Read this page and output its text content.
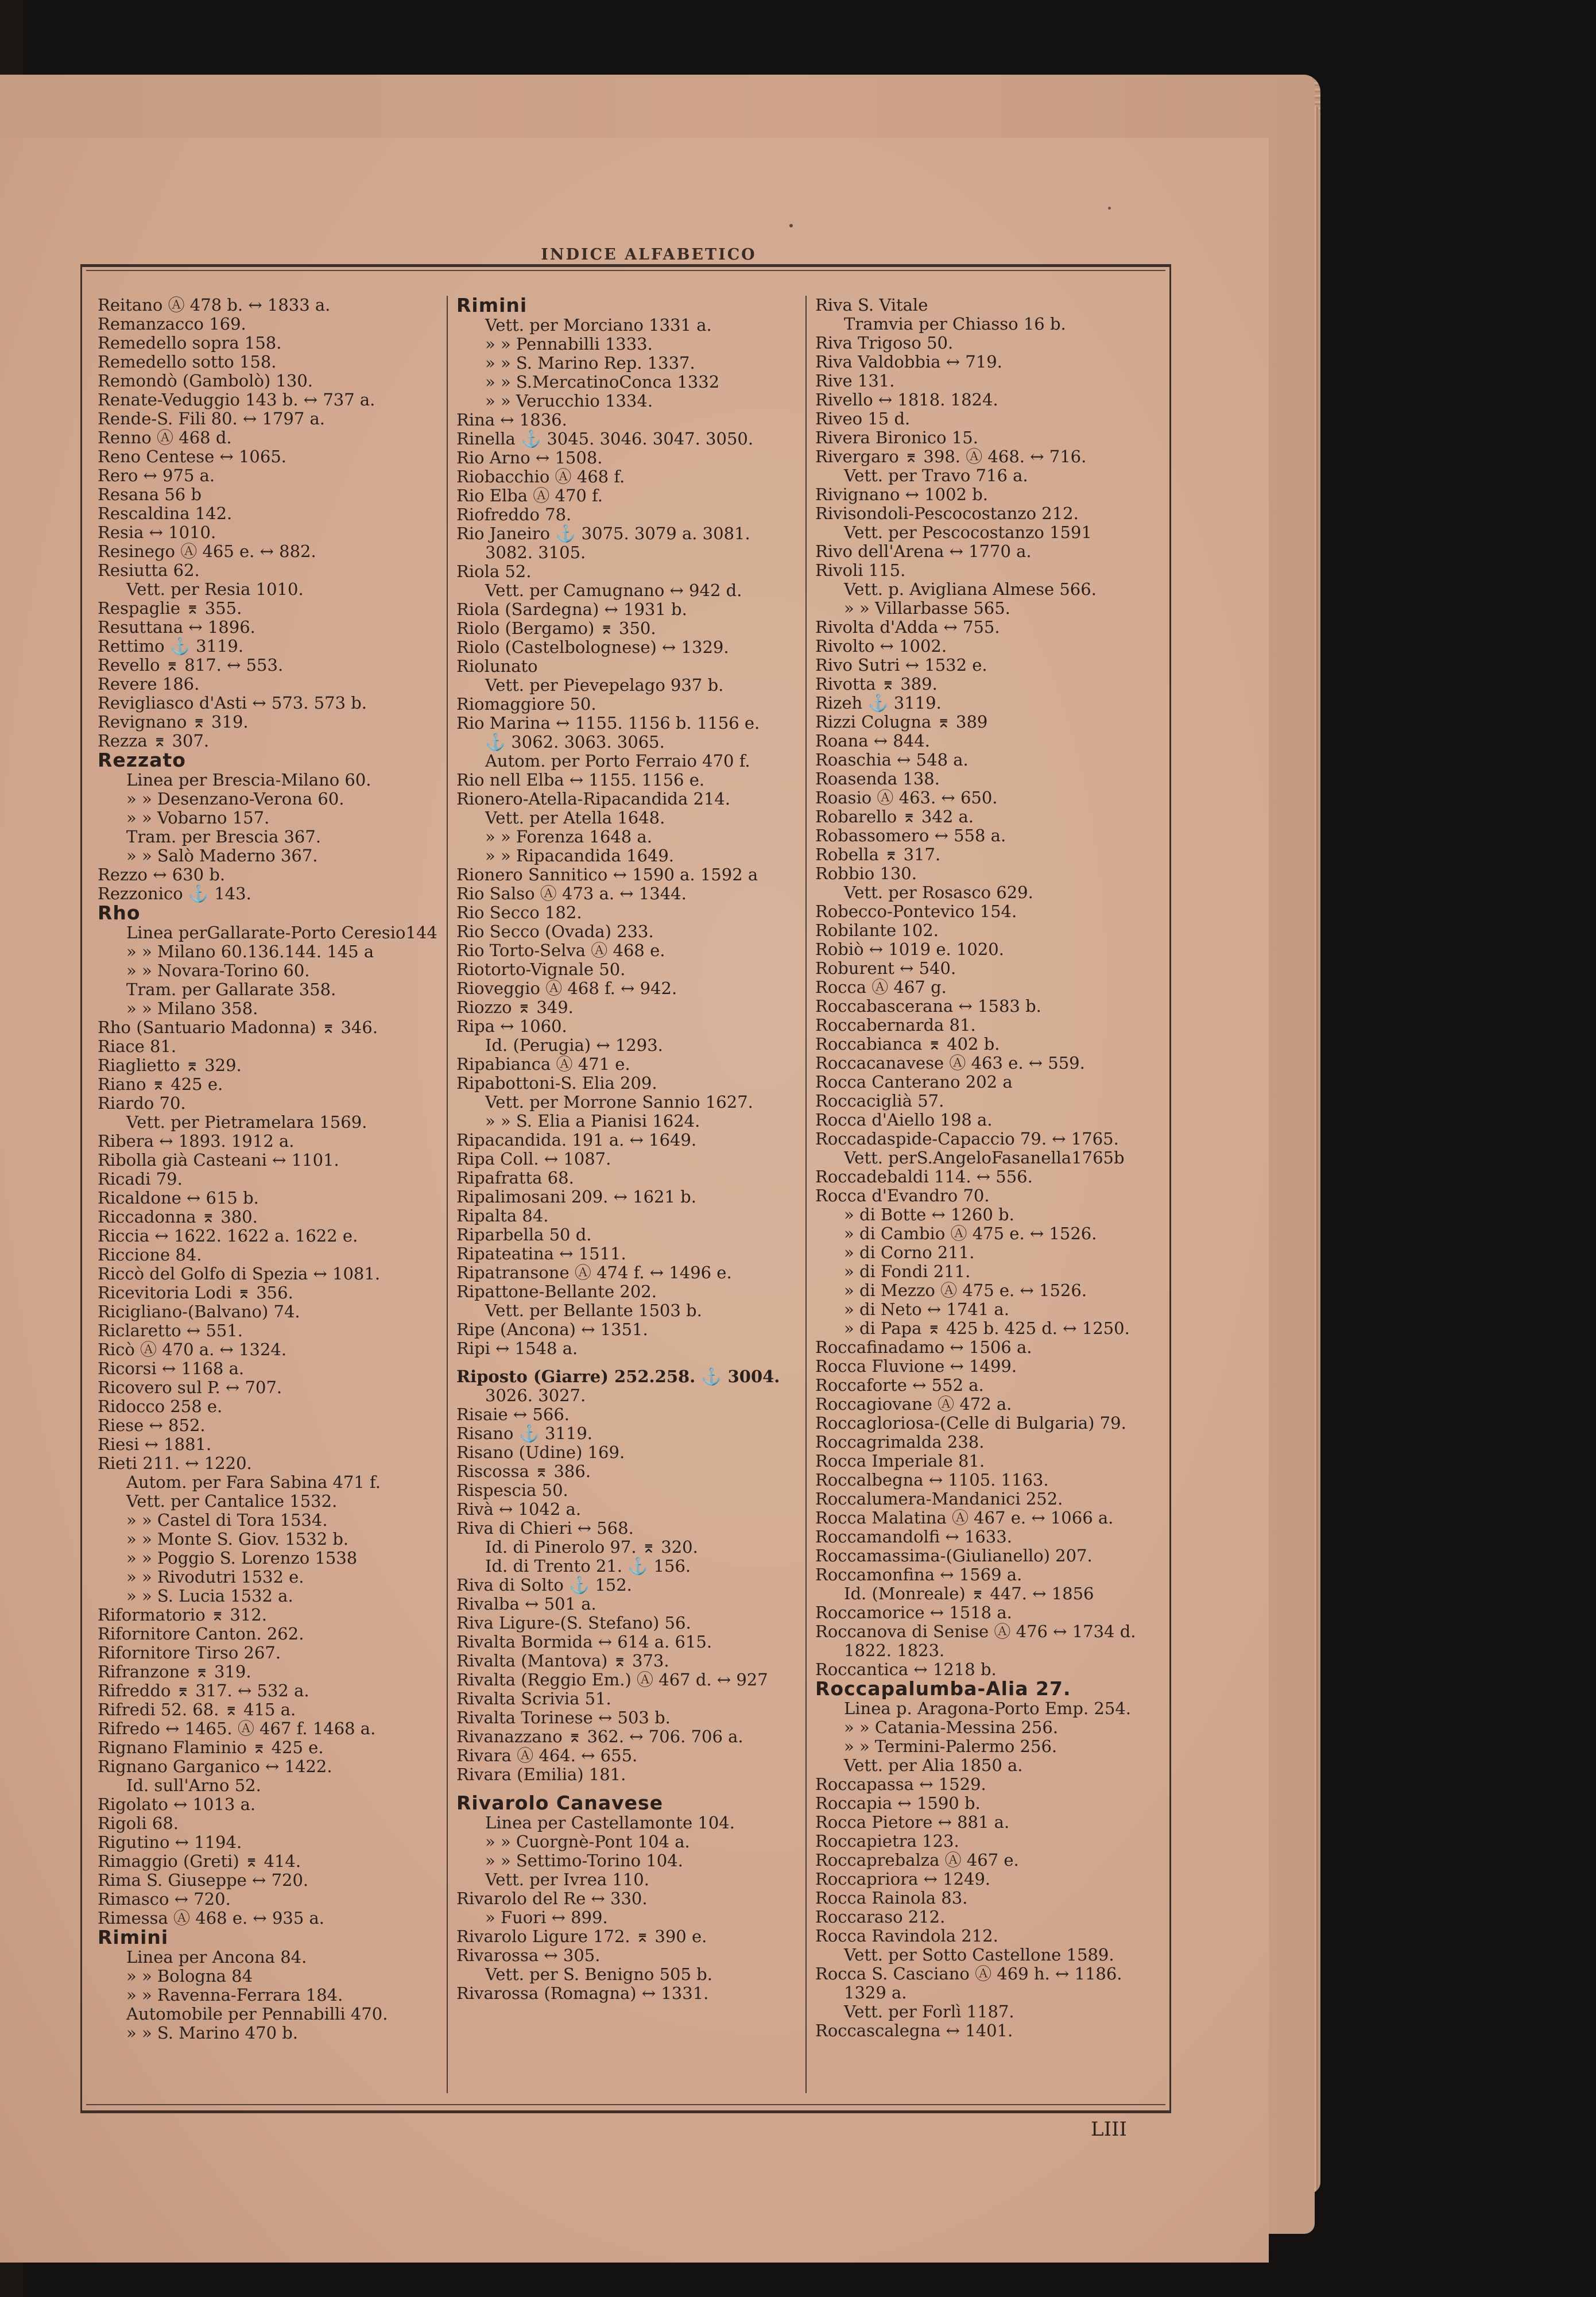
INDICE ALFABETICO
Reitano Ⓐ 478 b. ↔ 1833 a.
Remanzacco 169.
Remedello sopra 158.
Remedello sotto 158.
Remondò (Gambolò) 130.
Renate-Veduggio 143 b. ↔ 737 a.
Rende-S. Fili 80. ↔ 1797 a.
Renno Ⓐ 468 d.
Reno Centese ↔ 1065.
Rero ↔ 975 a.
Resana 56 b
Rescaldina 142.
Resia ↔ 1010.
Resinego Ⓐ 465 e. ↔ 882.
Resiutta 62.
Vett. per Resia 1010.
Respaglie ⌆ 355.
Resuttana ↔ 1896.
Rettimo ⚓ 3119.
Revello ⌆ 817. ↔ 553.
Revere 186.
Revigliasco d'Asti ↔ 573. 573 b.
Revignano ⌆ 319.
Rezza ⌆ 307.
Rezzato
Linea per Brescia-Milano 60.
» » Desenzano-Verona 60.
» » Vobarno 157.
Tram. per Brescia 367.
» » Salò Maderno 367.
Rezzo ↔ 630 b.
Rezzonico ⚓ 143.
Rho
Linea perGallarate-Porto Ceresio144
» » Milano 60.136.144. 145 a
» » Novara-Torino 60.
Tram. per Gallarate 358.
» » Milano 358.
Rho (Santuario Madonna) ⌆ 346.
Riace 81.
Riaglietto ⌆ 329.
Riano ⌆ 425 e.
Riardo 70.
Vett. per Pietramelara 1569.
Ribera ↔ 1893. 1912 a.
Ribolla già Casteani ↔ 1101.
Ricadi 79.
Ricaldone ↔ 615 b.
Riccadonna ⌆ 380.
Riccia ↔ 1622. 1622 a. 1622 e.
Riccione 84.
Riccò del Golfo di Spezia ↔ 1081.
Ricevitoria Lodi ⌆ 356.
Ricigliano-(Balvano) 74.
Riclaretto ↔ 551.
Ricò Ⓐ 470 a. ↔ 1324.
Ricorsi ↔ 1168 a.
Ricovero sul P. ↔ 707.
Ridocco 258 e.
Riese ↔ 852.
Riesi ↔ 1881.
Rieti 211. ↔ 1220.
Autom. per Fara Sabina 471 f.
Vett. per Cantalice 1532.
» » Castel di Tora 1534.
» » Monte S. Giov. 1532 b.
» » Poggio S. Lorenzo 1538
» » Rivodutri 1532 e.
» » S. Lucia 1532 a.
Riformatorio ⌆ 312.
Rifornitore Canton. 262.
Rifornitore Tirso 267.
Rifranzone ⌆ 319.
Rifreddo ⌆ 317. ↔ 532 a.
Rifredi 52. 68. ⌆ 415 a.
Rifredo ↔ 1465. Ⓐ 467 f. 1468 a.
Rignano Flaminio ⌆ 425 e.
Rignano Garganico ↔ 1422.
Id. sull'Arno 52.
Rigolato ↔ 1013 a.
Rigoli 68.
Rigutino ↔ 1194.
Rimaggio (Greti) ⌆ 414.
Rima S. Giuseppe ↔ 720.
Rimasco ↔ 720.
Rimessa Ⓐ 468 e. ↔ 935 a.
Rimini
Linea per Ancona 84.
» » Bologna 84
» » Ravenna-Ferrara 184.
Automobile per Pennabilli 470.
» » S. Marino 470 b.
Rimini
Vett. per Morciano 1331 a.
» » Pennabilli 1333.
» » S. Marino Rep. 1337.
» » S.MercatinoConca 1332
» » Verucchio 1334.
Rina ↔ 1836.
Rinella ⚓ 3045. 3046. 3047. 3050.
Rio Arno ↔ 1508.
Riobacchio Ⓐ 468 f.
Rio Elba Ⓐ 470 f.
Riofreddo 78.
Rio Janeiro ⚓ 3075. 3079 a. 3081.
3082. 3105.
Riola 52.
Vett. per Camugnano ↔ 942 d.
Riola (Sardegna) ↔ 1931 b.
Riolo (Bergamo) ⌆ 350.
Riolo (Castelbolognese) ↔ 1329.
Riolunato
Vett. per Pievepelago 937 b.
Riomaggiore 50.
Rio Marina ↔ 1155. 1156 b. 1156 e.
⚓ 3062. 3063. 3065.
Autom. per Porto Ferraio 470 f.
Rio nell Elba ↔ 1155. 1156 e.
Rionero-Atella-Ripacandida 214.
Vett. per Atella 1648.
» » Forenza 1648 a.
» » Ripacandida 1649.
Rionero Sannitico ↔ 1590 a. 1592 a
Rio Salso Ⓐ 473 a. ↔ 1344.
Rio Secco 182.
Rio Secco (Ovada) 233.
Rio Torto-Selva Ⓐ 468 e.
Riotorto-Vignale 50.
Rioveggio Ⓐ 468 f. ↔ 942.
Riozzo ⌆ 349.
Ripa ↔ 1060.
Id. (Perugia) ↔ 1293.
Ripabianca Ⓐ 471 e.
Ripabottoni-S. Elia 209.
Vett. per Morrone Sannio 1627.
» » S. Elia a Pianisi 1624.
Ripacandida. 191 a. ↔ 1649.
Ripa Coll. ↔ 1087.
Ripafratta 68.
Ripalimosani 209. ↔ 1621 b.
Ripalta 84.
Riparbella 50 d.
Ripateatina ↔ 1511.
Ripatransone Ⓐ 474 f. ↔ 1496 e.
Ripattone-Bellante 202.
Vett. per Bellante 1503 b.
Ripe (Ancona) ↔ 1351.
Ripi ↔ 1548 a.
Riposto (Giarre) 252.258. ⚓ 3004.
3026. 3027.
Risaie ↔ 566.
Risano ⚓ 3119.
Risano (Udine) 169.
Riscossa ⌆ 386.
Rispescia 50.
Rivà ↔ 1042 a.
Riva di Chieri ↔ 568.
Id. di Pinerolo 97. ⌆ 320.
Id. di Trento 21. ⚓ 156.
Riva di Solto ⚓ 152.
Rivalba ↔ 501 a.
Riva Ligure-(S. Stefano) 56.
Rivalta Bormida ↔ 614 a. 615.
Rivalta (Mantova) ⌆ 373.
Rivalta (Reggio Em.) Ⓐ 467 d. ↔ 927
Rivalta Scrivia 51.
Rivalta Torinese ↔ 503 b.
Rivanazzano ⌆ 362. ↔ 706. 706 a.
Rivara Ⓐ 464. ↔ 655.
Rivara (Emilia) 181.
Rivarolo Canavese
Linea per Castellamonte 104.
» » Cuorgnè-Pont 104 a.
» » Settimo-Torino 104.
Vett. per Ivrea 110.
Rivarolo del Re ↔ 330.
» Fuori ↔ 899.
Rivarolo Ligure 172. ⌆ 390 e.
Rivarossa ↔ 305.
Vett. per S. Benigno 505 b.
Rivarossa (Romagna) ↔ 1331.
Riva S. Vitale
Tramvia per Chiasso 16 b.
Riva Trigoso 50.
Riva Valdobbia ↔ 719.
Rive 131.
Rivello ↔ 1818. 1824.
Riveo 15 d.
Rivera Bironico 15.
Rivergaro ⌆ 398. Ⓐ 468. ↔ 716.
Vett. per Travo 716 a.
Rivignano ↔ 1002 b.
Rivisondoli-Pescocostanzo 212.
Vett. per Pescocostanzo 1591
Rivo dell'Arena ↔ 1770 a.
Rivoli 115.
Vett. p. Avigliana Almese 566.
» » Villarbasse 565.
Rivolta d'Adda ↔ 755.
Rivolto ↔ 1002.
Rivo Sutri ↔ 1532 e.
Rivotta ⌆ 389.
Rizeh ⚓ 3119.
Rizzi Colugna ⌆ 389
Roana ↔ 844.
Roaschia ↔ 548 a.
Roasenda 138.
Roasio Ⓐ 463. ↔ 650.
Robarello ⌆ 342 a.
Robassomero ↔ 558 a.
Robella ⌆ 317.
Robbio 130.
Vett. per Rosasco 629.
Robecco-Pontevico 154.
Robilante 102.
Robiò ↔ 1019 e. 1020.
Roburent ↔ 540.
Rocca Ⓐ 467 g.
Roccabascerana ↔ 1583 b.
Roccabernarda 81.
Roccabianca ⌆ 402 b.
Roccacanavese Ⓐ 463 e. ↔ 559.
Rocca Canterano 202 a
Roccaciglià 57.
Rocca d'Aiello 198 a.
Roccadaspide-Capaccio 79. ↔ 1765.
Vett. perS.AngeloFasanella1765b
Roccadebaldi 114. ↔ 556.
Rocca d'Evandro 70.
» di Botte ↔ 1260 b.
» di Cambio Ⓐ 475 e. ↔ 1526.
» di Corno 211.
» di Fondi 211.
» di Mezzo Ⓐ 475 e. ↔ 1526.
» di Neto ↔ 1741 a.
» di Papa ⌆ 425 b. 425 d. ↔ 1250.
Roccafinadamo ↔ 1506 a.
Rocca Fluvione ↔ 1499.
Roccaforte ↔ 552 a.
Roccagiovane Ⓐ 472 a.
Roccagloriosa-(Celle di Bulgaria) 79.
Roccagrimalda 238.
Rocca Imperiale 81.
Roccalbegna ↔ 1105. 1163.
Roccalumera-Mandanici 252.
Rocca Malatina Ⓐ 467 e. ↔ 1066 a.
Roccamandolfi ↔ 1633.
Roccamassima-(Giulianello) 207.
Roccamonfina ↔ 1569 a.
Id. (Monreale) ⌆ 447. ↔ 1856
Roccamorice ↔ 1518 a.
Roccanova di Senise Ⓐ 476 ↔ 1734 d.
1822. 1823.
Roccantica ↔ 1218 b.
Roccapalumba-Alia 27.
Linea p. Aragona-Porto Emp. 254.
» » Catania-Messina 256.
» » Termini-Palermo 256.
Vett. per Alia 1850 a.
Roccapassa ↔ 1529.
Roccapia ↔ 1590 b.
Rocca Pietore ↔ 881 a.
Roccapietra 123.
Roccaprebalza Ⓐ 467 e.
Roccapriora ↔ 1249.
Rocca Rainola 83.
Roccaraso 212.
Rocca Ravindola 212.
Vett. per Sotto Castellone 1589.
Rocca S. Casciano Ⓐ 469 h. ↔ 1186.
1329 a.
Vett. per Forlì 1187.
Roccascalegna ↔ 1401.
LIII
